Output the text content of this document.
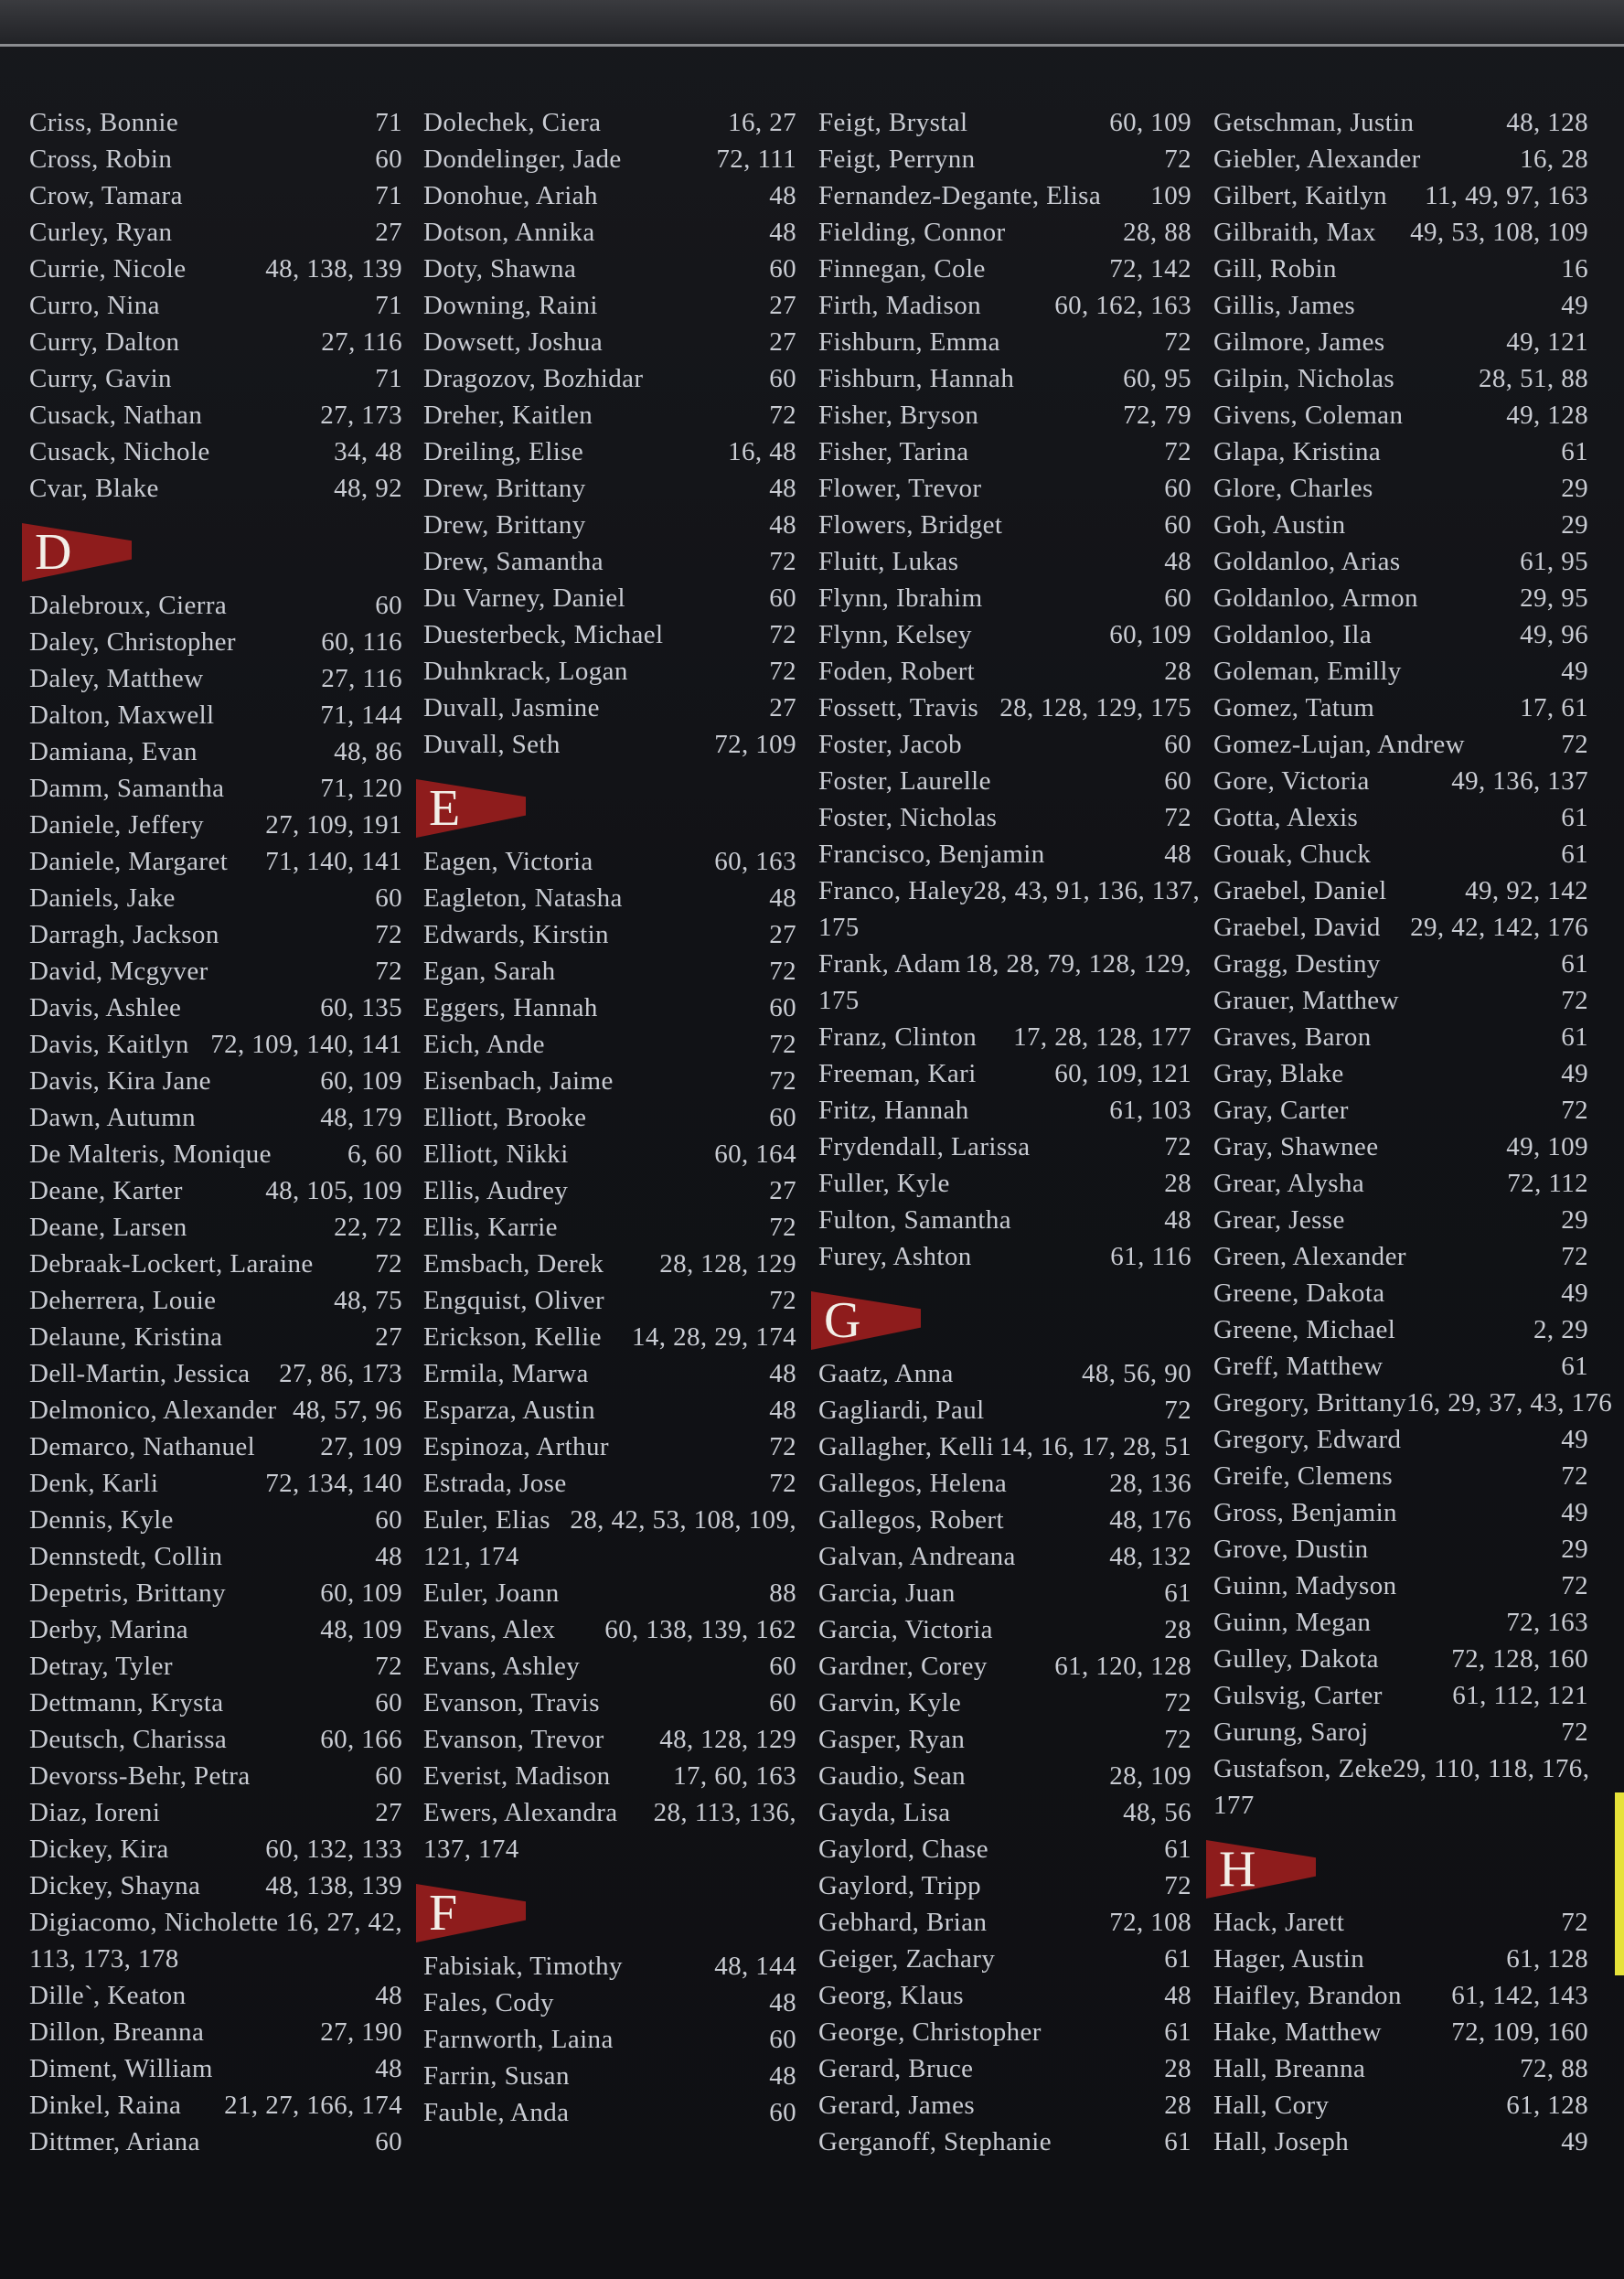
Criss, Bonnie	71
Cross, Robin	60
Crow, Tamara	71
Curley, Ryan	27
Currie, Nicole	48, 138, 139
Curro, Nina	71
Curry, Dalton	27, 116
Curry, Gavin	71
Cusack, Nathan	27, 173
Cusack, Nichole	34, 48
Cvar, Blake	48, 92
D
Dalebroux, Cierra	60
Daley, Christopher	60, 116
Daley, Matthew	27, 116
Dalton, Maxwell	71, 144
Damiana, Evan	48, 86
Damm, Samantha	71, 120
Daniele, Jeffery 27, 109, 191
Daniele, Margaret 71, 140, 141
Daniels, Jake	60
Darragh, Jackson	72
David, Mcgyver	72
Davis, Ashlee	60, 135
Davis, Kaitlyn 72, 109, 140, 141
Davis, Kira Jane	60, 109
Dawn, Autumn	48, 179
De Malteris, Monique	6, 60
Deane, Karter	48, 105, 109
Deane, Larsen	22, 72
Debraak-Lockert, Laraine 72
Deherrera, Louie	48, 75
Delaune, Kristina	27
Dell-Martin, Jessica 27, 86, 173
Delmonico, Alexander 48, 57, 96
Demarco, Nathanuel 27, 109
Denk, Karli	72, 134, 140
Dennis, Kyle	60
Dennstedt, Collin	48
Depetris, Brittany	60, 109
Derby, Marina	48, 109
Detray, Tyler	72
Dettmann, Krysta	60
Deutsch, Charissa	60, 166
Devorss-Behr, Petra	60
Diaz, Ioreni	27
Dickey, Kira	60, 132, 133
Dickey, Shayna 48, 138, 139
Digiacomo, Nicholette 16, 27, 42,
113, 173, 178
Dille`, Keaton	48
Dillon, Breanna	27, 190
Diment, William	48
Dinkel, Raina 21, 27, 166, 174
Dittmer, Ariana	60
Dolechek, Ciera	16, 27
Dondelinger, Jade	72, 111
Donohue, Ariah	48
Dotson, Annika	48
Doty, Shawna	60
Downing, Raini	27
Dowsett, Joshua	27
Dragozov, Bozhidar	60
Dreher, Kaitlen	72
Dreiling, Elise	16, 48
Drew, Brittany	48
Drew, Brittany	48
Drew, Samantha	72
Du Varney, Daniel	60
Duesterbeck, Michael	72
Duhnkrack, Logan	72
Duvall, Jasmine	27
Duvall, Seth	72, 109
E
Eagen, Victoria	60, 163
Eagleton, Natasha	48
Edwards, Kirstin	27
Egan, Sarah	72
Eggers, Hannah	60
Eich, Ande	72
Eisenbach, Jaime	72
Elliott, Brooke	60
Elliott, Nikki	60, 164
Ellis, Audrey	27
Ellis, Karrie	72
Emsbach, Derek 28, 128, 129
Engquist, Oliver	72
Erickson, Kellie 14, 28, 29, 174
Ermila, Marwa	48
Esparza, Austin	48
Espinoza, Arthur	72
Estrada, Jose	72
Euler, Elias 28, 42, 53, 108, 109,
121, 174
Euler, Joann	88
Evans, Alex 60, 138, 139, 162
Evans, Ashley	60
Evanson, Travis	60
Evanson, Trevor 48, 128, 129
Everist, Madison 17, 60, 163
Ewers, Alexandra 28, 113, 136,
137, 174
F
Fabisiak, Timothy	48, 144
Fales, Cody	48
Farnworth, Laina	60
Farrin, Susan	48
Fauble, Anda	60
Feigt, Brystal	60, 109
Feigt, Perrynn	72
Fernandez-Degante, Elisa 109
Fielding, Connor	28, 88
Finnegan, Cole	72, 142
Firth, Madison	60, 162, 163
Fishburn, Emma	72
Fishburn, Hannah	60, 95
Fisher, Bryson	72, 79
Fisher, Tarina	72
Flower, Trevor	60
Flowers, Bridget	60
Fluitt, Lukas	48
Flynn, Ibrahim	60
Flynn, Kelsey	60, 109
Foden, Robert	28
Fossett, Travis 28, 128, 129, 175
Foster, Jacob	60
Foster, Laurelle	60
Foster, Nicholas	72
Francisco, Benjamin	48
Franco, Haley 28, 43, 91, 136, 137,
175
Frank, Adam 18, 28, 79, 128, 129,
175
Franz, Clinton 17, 28, 128, 177
Freeman, Kari	60, 109, 121
Fritz, Hannah	61, 103
Frydendall, Larissa	72
Fuller, Kyle	28
Fulton, Samantha	48
Furey, Ashton	61, 116
G
Gaatz, Anna	48, 56, 90
Gagliardi, Paul	72
Gallagher, Kelli 14, 16, 17, 28, 51
Gallegos, Helena	28, 136
Gallegos, Robert	48, 176
Galvan, Andreana	48, 132
Garcia, Juan	61
Garcia, Victoria	28
Gardner, Corey	61, 120, 128
Garvin, Kyle	72
Gasper, Ryan	72
Gaudio, Sean	28, 109
Gayda, Lisa	48, 56
Gaylord, Chase	61
Gaylord, Tripp	72
Gebhard, Brian	72, 108
Geiger, Zachary	61
Georg, Klaus	48
George, Christopher	61
Gerard, Bruce	28
Gerard, James	28
Gerganoff, Stephanie	61
Getschman, Justin	48, 128
Giebler, Alexander	16, 28
Gilbert, Kaitlyn 11, 49, 97, 163
Gilbraith, Max 49, 53, 108, 109
Gill, Robin	16
Gillis, James	49
Gilmore, James	49, 121
Gilpin, Nicholas	28, 51, 88
Givens, Coleman	49, 128
Glapa, Kristina	61
Glore, Charles	29
Goh, Austin	29
Goldanloo, Arias	61, 95
Goldanloo, Armon	29, 95
Goldanloo, Ila	49, 96
Goleman, Emilly	49
Gomez, Tatum	17, 61
Gomez-Lujan, Andrew	72
Gore, Victoria	49, 136, 137
Gotta, Alexis	61
Gouak, Chuck	61
Graebel, Daniel	49, 92, 142
Graebel, David 29, 42, 142, 176
Gragg, Destiny	61
Grauer, Matthew	72
Graves, Baron	61
Gray, Blake	49
Gray, Carter	72
Gray, Shawnee	49, 109
Grear, Alysha	72, 112
Grear, Jesse	29
Green, Alexander	72
Greene, Dakota	49
Greene, Michael	2, 29
Greff, Matthew	61
Gregory, Brittany 16, 29, 37, 43, 176
Gregory, Edward	49
Greife, Clemens	72
Gross, Benjamin	49
Grove, Dustin	29
Guinn, Madyson	72
Guinn, Megan	72, 163
Gulley, Dakota	72, 128, 160
Gulsvig, Carter	61, 112, 121
Gurung, Saroj	72
Gustafson, Zeke 29, 110, 118, 176,
177
H
Hack, Jarett	72
Hager, Austin	61, 128
Haifley, Brandon 61, 142, 143
Hake, Matthew	72, 109, 160
Hall, Breanna	72, 88
Hall, Cory	61, 128
Hall, Joseph	49
